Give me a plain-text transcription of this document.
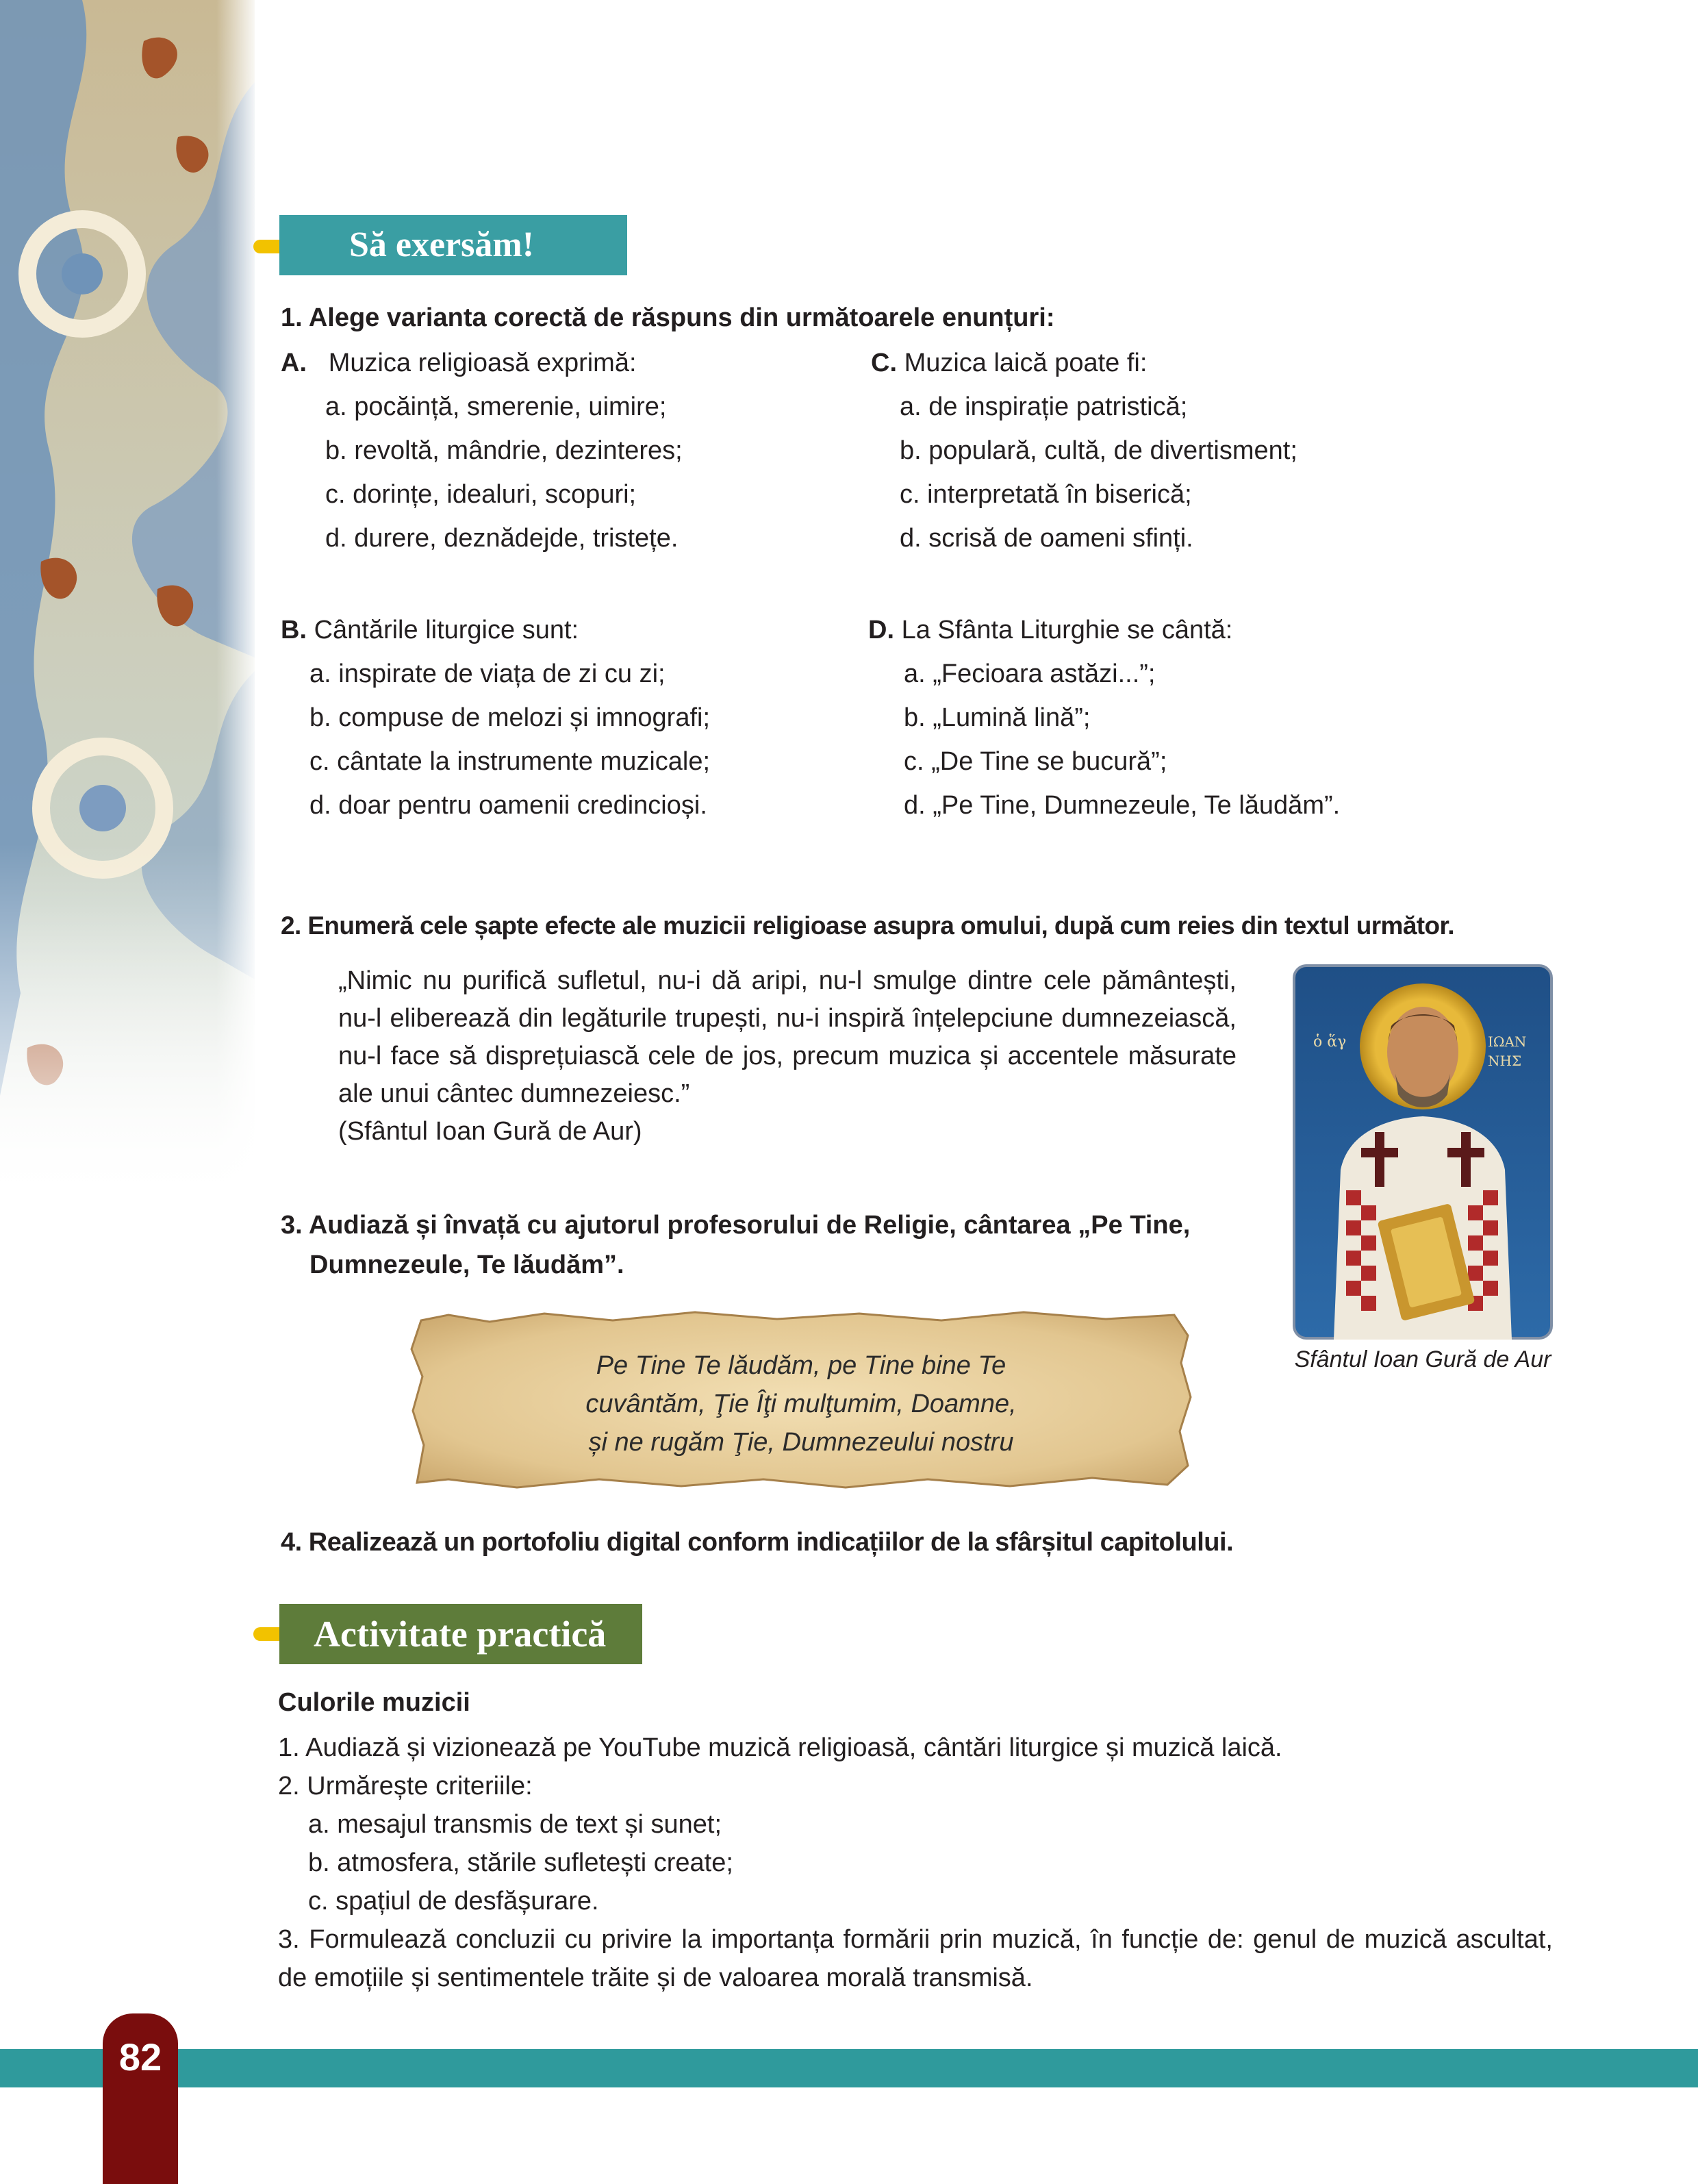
Să exersăm!
1. Alege varianta corectă de răspuns din următoarele enunțuri:
A. Muzica religioasă exprimă:
a. pocăință, smerenie, uimire;
b. revoltă, mândrie, dezinteres;
c. dorințe, idealuri, scopuri;
d. durere, deznădejde, tristețe.
C. Muzica laică poate fi:
a. de inspirație patristică;
b. populară, cultă, de divertisment;
c. interpretată în biserică;
d. scrisă de oameni sfinți.
B. Cântările liturgice sunt:
a. inspirate de viața de zi cu zi;
b. compuse de melozi și imnografi;
c. cântate la instrumente muzicale;
d. doar pentru oamenii credincioși.
D. La Sfânta Liturghie se cântă:
a. „Fecioara astăzi...”;
b. „Lumină lină”;
c. „De Tine se bucură”;
d. „Pe Tine, Dumnezeule, Te lăudăm”.
2. Enumeră cele șapte efecte ale muzicii religioase asupra omului, după cum reies din textul următor.

„Nimic nu purifică sufletul, nu-i dă aripi, nu-l smulge dintre cele pământești, nu-l eliberează din legăturile trupești, nu-i inspiră înțelepciune dumnezeiască, nu-l face să disprețuiască cele de jos, precum muzica și accentele măsurate ale unui cântec dumnezeiesc.”

(Sfântul Ioan Gură de Aur)

ὁ ἅγ	ΙΩΑΝ
ΝΗΣ
Sfântul Ioan Gură de Aur
3. Audiază și învață cu ajutorul profesorului de Religie, cântarea „Pe Tine,
Dumnezeule, Te lăudăm”.
Pe Tine Te lăudăm, pe Tine bine Te
cuvântăm, Ţie Îţi mulţumim, Doamne,
și ne rugăm Ţie, Dumnezeului nostru
4. Realizează un portofoliu digital conform indicațiilor de la sfârșitul capitolului.
Activitate practică
Culorile muzicii
1. Audiază și vizionează pe YouTube muzică religioasă, cântări liturgice și muzică laică.
2. Urmărește criteriile:
a. mesajul transmis de text și sunet;
b. atmosfera, stările sufletești create;
c. spațiul de desfășurare.
3. Formulează concluzii cu privire la importanța formării prin muzică, în funcție de: genul de muzică ascultat, de emoțiile și sentimentele trăite și de valoarea morală transmisă.
82
